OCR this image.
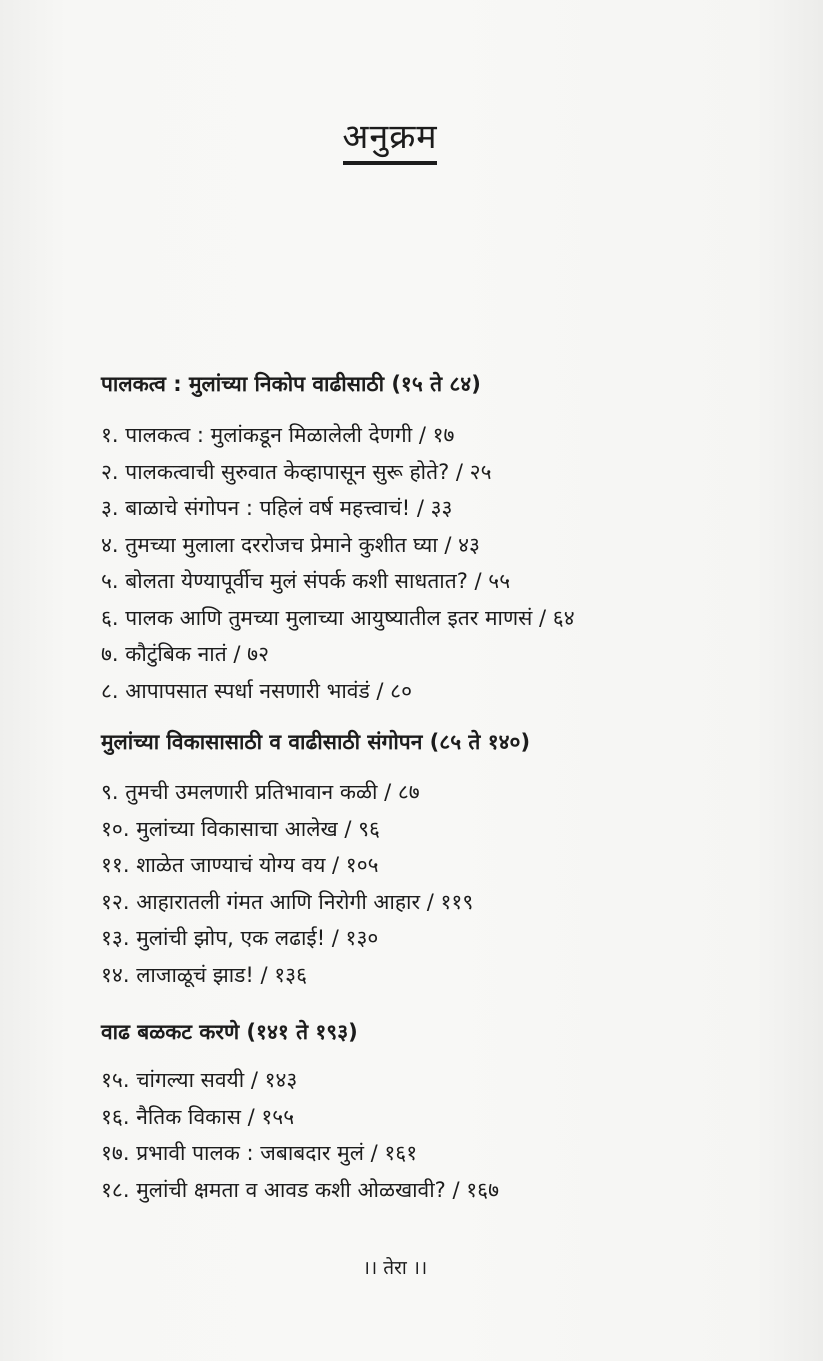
अनुक्रम
पालकत्व : मुलांच्या निकोप वाढीसाठी (१५ ते ८४)
१. पालकत्व : मुलांकडून मिळालेली देणगी / १७
२. पालकत्वाची सुरुवात केव्हापासून सुरू होते? / २५
३. बाळाचे संगोपन : पहिलं वर्ष महत्त्वाचं! / ३३
४. तुमच्या मुलाला दररोजच प्रेमाने कुशीत घ्या / ४३
५. बोलता येण्यापूर्वीच मुलं संपर्क कशी साधतात? / ५५
६. पालक आणि तुमच्या मुलाच्या आयुष्यातील इतर माणसं / ६४
७. कौटुंबिक नातं / ७२
८. आपापसात स्पर्धा नसणारी भावंडं / ८०
मुलांच्या विकासासाठी व वाढीसाठी संगोपन (८५ ते १४०)
९. तुमची उमलणारी प्रतिभावान कळी / ८७
१०. मुलांच्या विकासाचा आलेख / ९६
११. शाळेत जाण्याचं योग्य वय / १०५
१२. आहारातली गंमत आणि निरोगी आहार / ११९
१३. मुलांची झोप, एक लढाई! / १३०
१४. लाजाळूचं झाड! / १३६
वाढ बळकट करणे (१४१ ते १९३)
१५. चांगल्या सवयी / १४३
१६. नैतिक विकास / १५५
१७. प्रभावी पालक : जबाबदार मुलं / १६१
१८. मुलांची क्षमता व आवड कशी ओळखावी? / १६७
।। तेरा ।।
